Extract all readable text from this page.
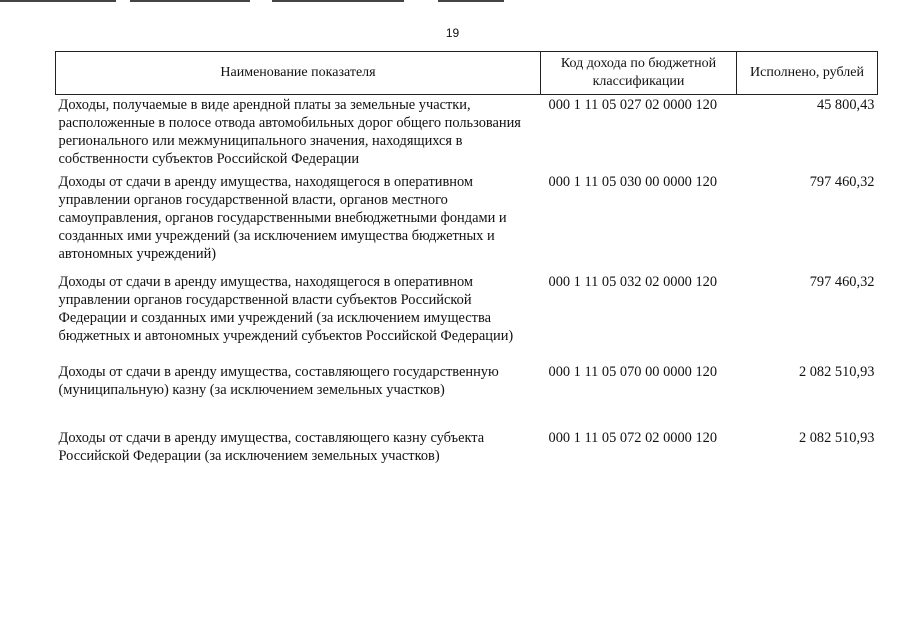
19
Наименование показателя	Код дохода по бюджетной классификации	Исполнено, рублей
Доходы, получаемые в виде арендной платы за земельные участки, расположенные в полосе отвода автомобильных дорог общего пользования регионального или межмуниципального значения, находящихся в собственности субъектов Российской Федерации	000 1 11 05 027 02 0000 120	45 800,43
Доходы от сдачи в аренду имущества, находящегося в оперативном управлении органов государственной власти, органов местного самоуправления, органов государственными внебюджетными фондами и созданных ими учреждений (за исключением имущества бюджетных и автономных учреждений)	000 1 11 05 030 00 0000 120	797 460,32
Доходы от сдачи в аренду имущества, находящегося в оперативном управлении органов государственной власти субъектов Российской Федерации и созданных ими учреждений (за исключением имущества бюджетных и автономных учреждений субъектов Российской Федерации)	000 1 11 05 032 02 0000 120	797 460,32
Доходы от сдачи в аренду имущества, составляющего государственную (муниципальную) казну (за исключением земельных участков)	000 1 11 05 070 00 0000 120	2 082 510,93
Доходы от сдачи в аренду имущества, составляющего казну субъекта Российской Федерации (за исключением земельных участков)	000 1 11 05 072 02 0000 120	2 082 510,93
